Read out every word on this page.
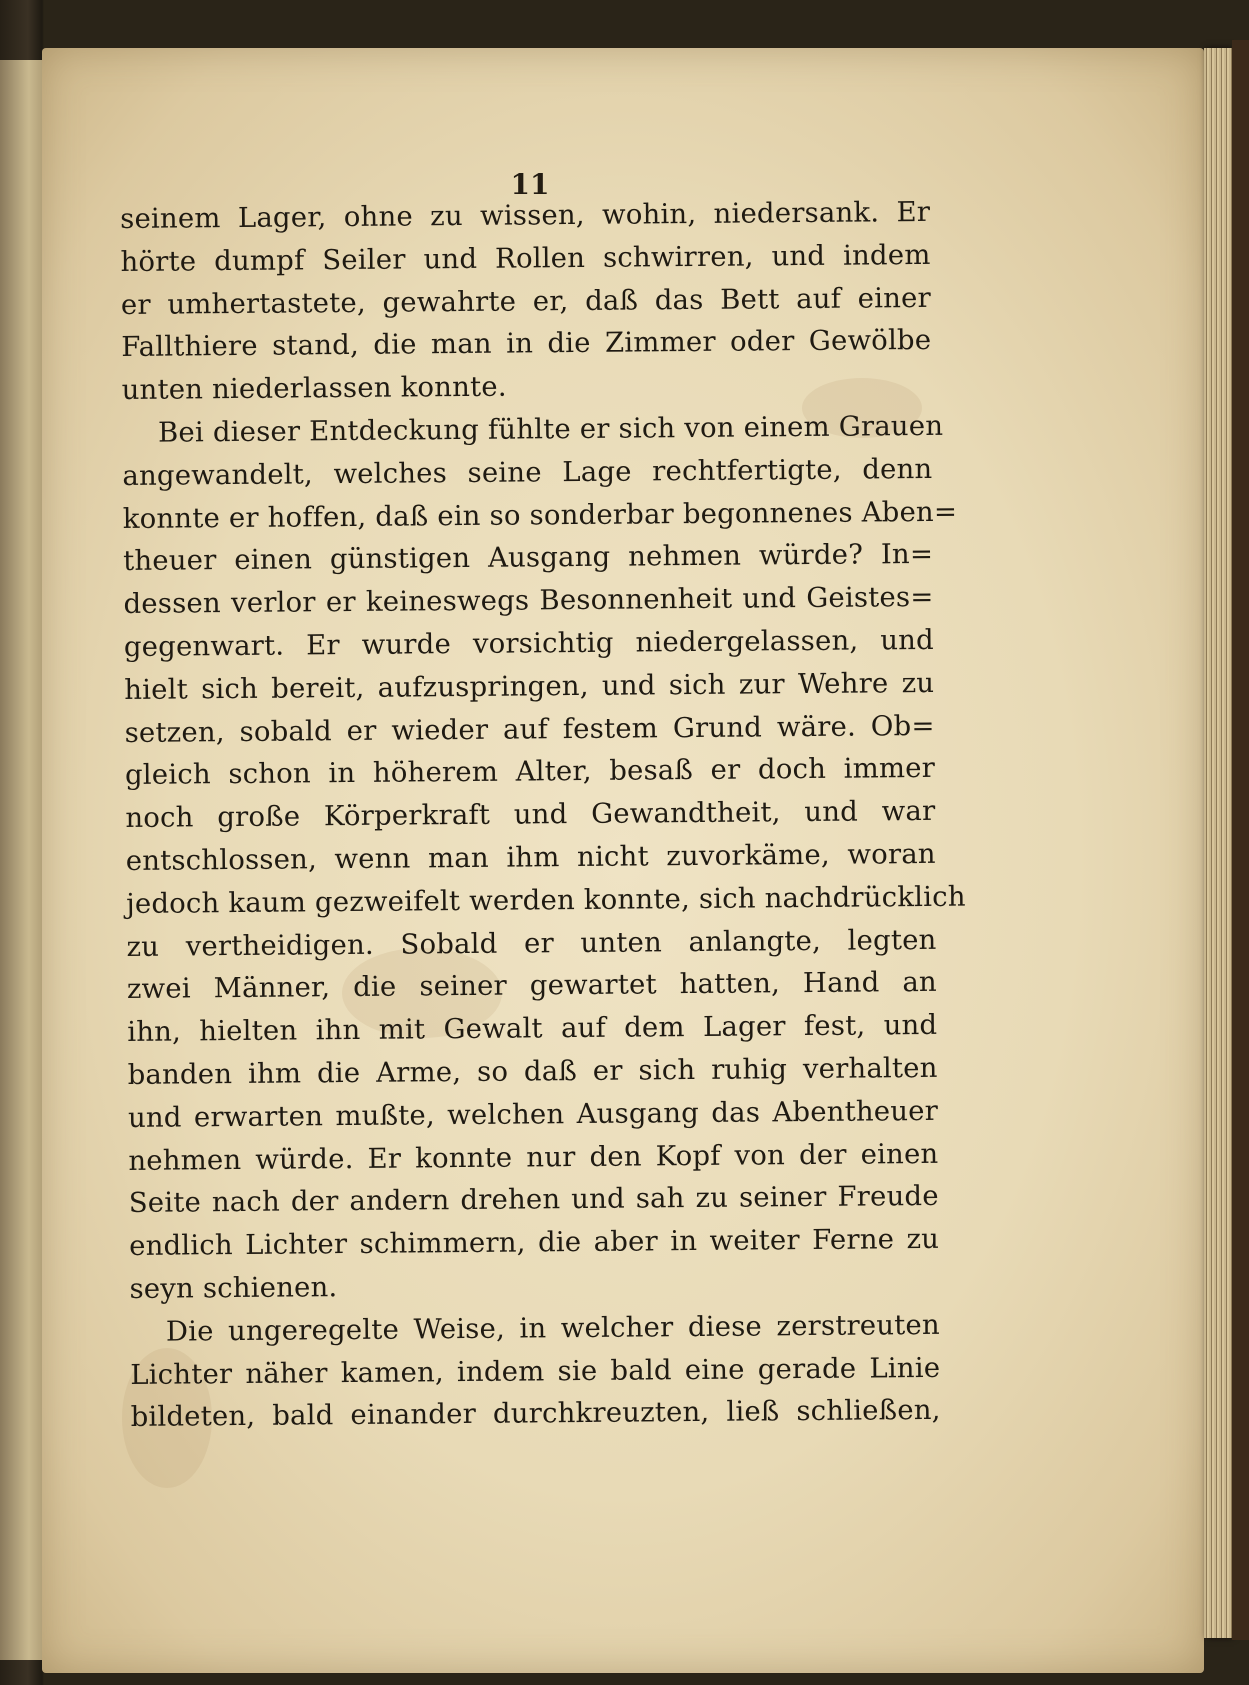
11
seinem Lager, ohne zu wissen, wohin, niedersank. Er
hörte dumpf Seiler und Rollen schwirren, und indem
er umhertastete, gewahrte er, daß das Bett auf einer
Fallthiere stand, die man in die Zimmer oder Gewölbe
unten niederlassen konnte.
Bei dieser Entdeckung fühlte er sich von einem Grauen
angewandelt, welches seine Lage rechtfertigte, denn
konnte er hoffen, daß ein so sonderbar begonnenes Aben=
theuer einen günstigen Ausgang nehmen würde? In=
dessen verlor er keineswegs Besonnenheit und Geistes=
gegenwart. Er wurde vorsichtig niedergelassen, und
hielt sich bereit, aufzuspringen, und sich zur Wehre zu
setzen, sobald er wieder auf festem Grund wäre. Ob=
gleich schon in höherem Alter, besaß er doch immer
noch große Körperkraft und Gewandtheit, und war
entschlossen, wenn man ihm nicht zuvorkäme, woran
jedoch kaum gezweifelt werden konnte, sich nachdrücklich
zu vertheidigen. Sobald er unten anlangte, legten
zwei Männer, die seiner gewartet hatten, Hand an
ihn, hielten ihn mit Gewalt auf dem Lager fest, und
banden ihm die Arme, so daß er sich ruhig verhalten
und erwarten mußte, welchen Ausgang das Abentheuer
nehmen würde. Er konnte nur den Kopf von der einen
Seite nach der andern drehen und sah zu seiner Freude
endlich Lichter schimmern, die aber in weiter Ferne zu
seyn schienen.
Die ungeregelte Weise, in welcher diese zerstreuten
Lichter näher kamen, indem sie bald eine gerade Linie
bildeten, bald einander durchkreuzten, ließ schließen,
